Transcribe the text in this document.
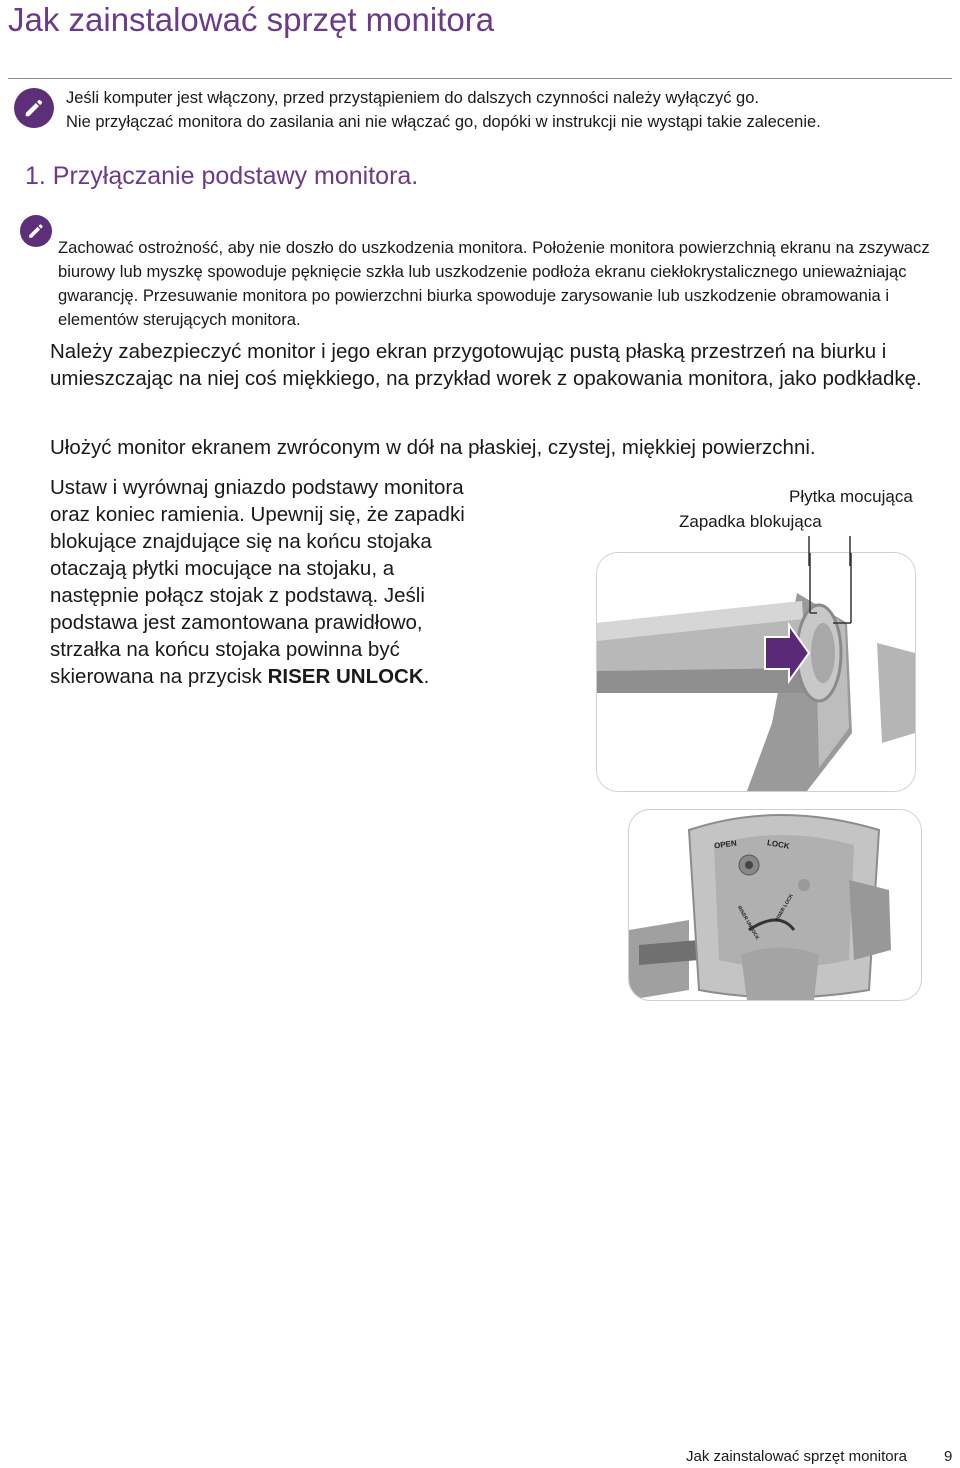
Jak zainstalować sprzęt monitora
Jeśli komputer jest włączony, przed przystąpieniem do dalszych czynności należy wyłączyć go.
Nie przyłączać monitora do zasilania ani nie włączać go, dopóki w instrukcji nie wystąpi takie zalecenie.
1. Przyłączanie podstawy monitora.
Zachować ostrożność, aby nie doszło do uszkodzenia monitora. Położenie monitora powierzchnią ekranu na zszywacz biurowy lub myszkę spowoduje pęknięcie szkła lub uszkodzenie podłoża ekranu ciekłokrystalicznego unieważniając gwarancję. Przesuwanie monitora po powierzchni biurka spowoduje zarysowanie lub uszkodzenie obramowania i elementów sterujących monitora.
Należy zabezpieczyć monitor i jego ekran przygotowując pustą płaską przestrzeń na biurku i umieszczając na niej coś miękkiego, na przykład worek z opakowania monitora, jako podkładkę.
Ułożyć monitor ekranem zwróconym w dół na płaskiej, czystej, miękkiej powierzchni.
Ustaw i wyrównaj gniazdo podstawy monitora
oraz koniec ramienia. Upewnij się, że zapadki
blokujące znajdujące się na końcu stojaka
otaczają płytki mocujące na stojaku, a
następnie połącz stojak z podstawą. Jeśli
podstawa jest zamontowana prawidłowo,
strzałka na końcu stojaka powinna być
skierowana na przycisk RISER UNLOCK.
Płytka mocująca
Zapadka blokująca
OPEN	LOCK
RISER UNLOCK	RISER LOCK
Jak zainstalować sprzęt monitora 9
